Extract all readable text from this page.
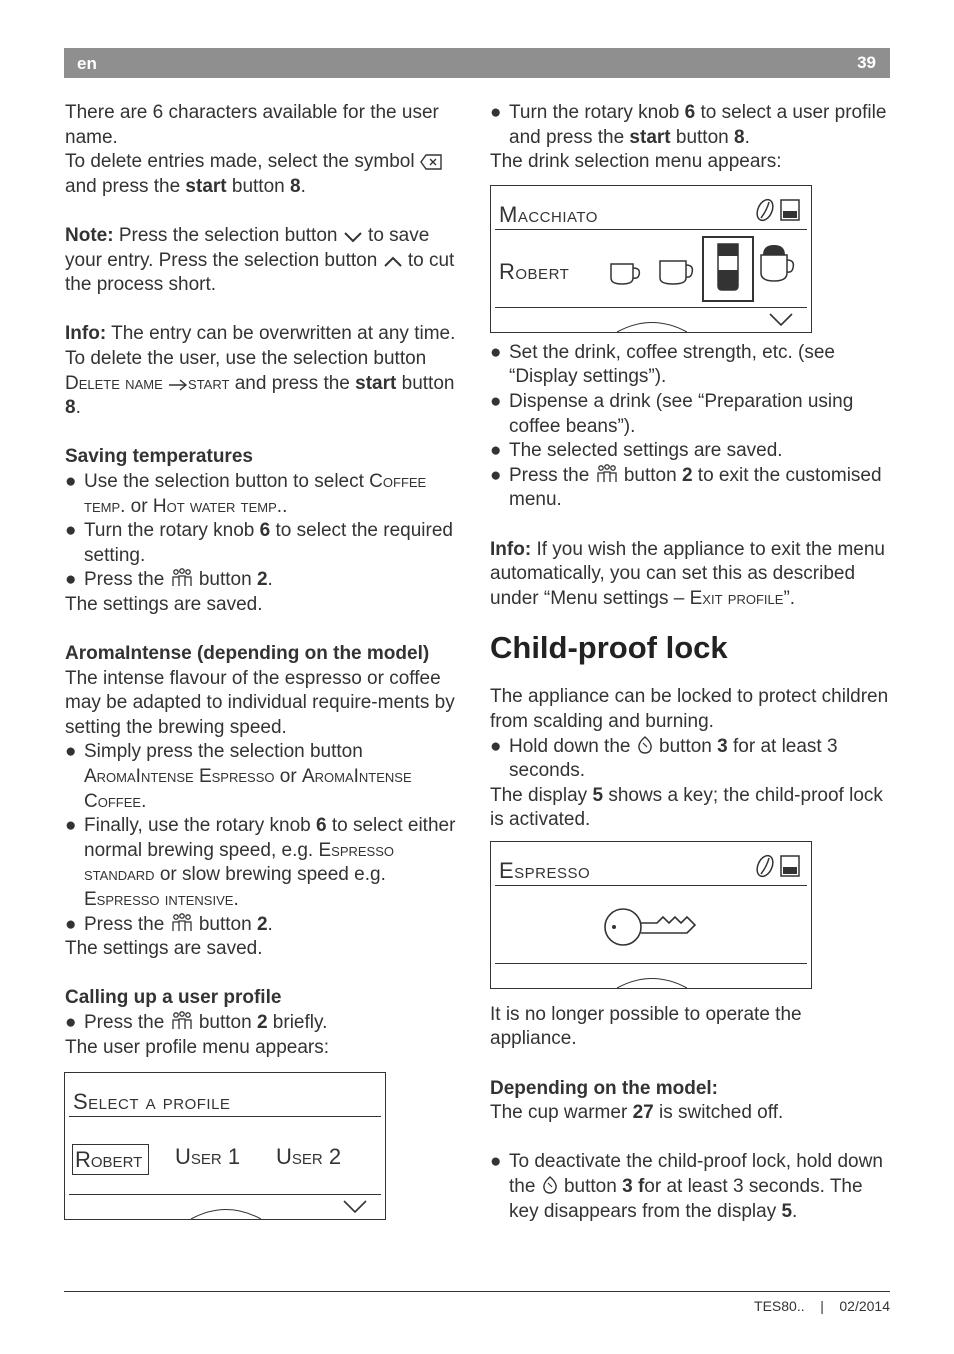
en	39

There are 6 characters available for the user name.

To delete entries made, select the symbol  and press the start button 8.

Note: Press the selection button to save your entry. Press the selection button to cut the process short.

Info: The entry can be overwritten at any time.

To delete the user, use the selection button Delete name start and press the start button 8.

Saving temperatures

● Use the selection button to select Coffee temp. or Hot water temp..
● Turn the rotary knob 6 to select the required setting.
● Press the button 2.

The settings are saved.

AromaIntense (depending on the model)

The intense flavour of the espresso or coffee may be adapted to individual require-ments by setting the brewing speed.

● Simply press the selection button AromaIntense Espresso or AromaIntense Coffee.
● Finally, use the rotary knob 6 to select either normal brewing speed, e.g. Espresso standard or slow brewing speed e.g. Espresso intensive.
● Press the button 2.

The settings are saved.

Calling up a user profile

● Press the button 2 briefly.

The user profile menu appears:

Select a profile
Robert	User 1 User 2
● Turn the rotary knob 6 to select a user profile and press the start button 8.

The drink selection menu appears:

Macchiato
Robert
● Set the drink, coffee strength, etc. (see “Display settings”).
● Dispense a drink (see “Preparation using coffee beans”).
● The selected settings are saved.
● Press the button 2 to exit the customised menu.

Info: If you wish the appliance to exit the menu automatically, you can set this as described under “Menu settings – Exit profile”.

Child-proof lock

The appliance can be locked to protect children from scalding and burning.

● Hold down the button 3 for at least 3 seconds.

The display 5 shows a key; the child-proof lock is activated.

Espresso

It is no longer possible to operate the appliance.

Depending on the model:

The cup warmer 27 is switched off.

● To deactivate the child-proof lock, hold down the button 3 for at least 3 seconds. The key disappears from the display 5.
TES80.. | 02/2014
